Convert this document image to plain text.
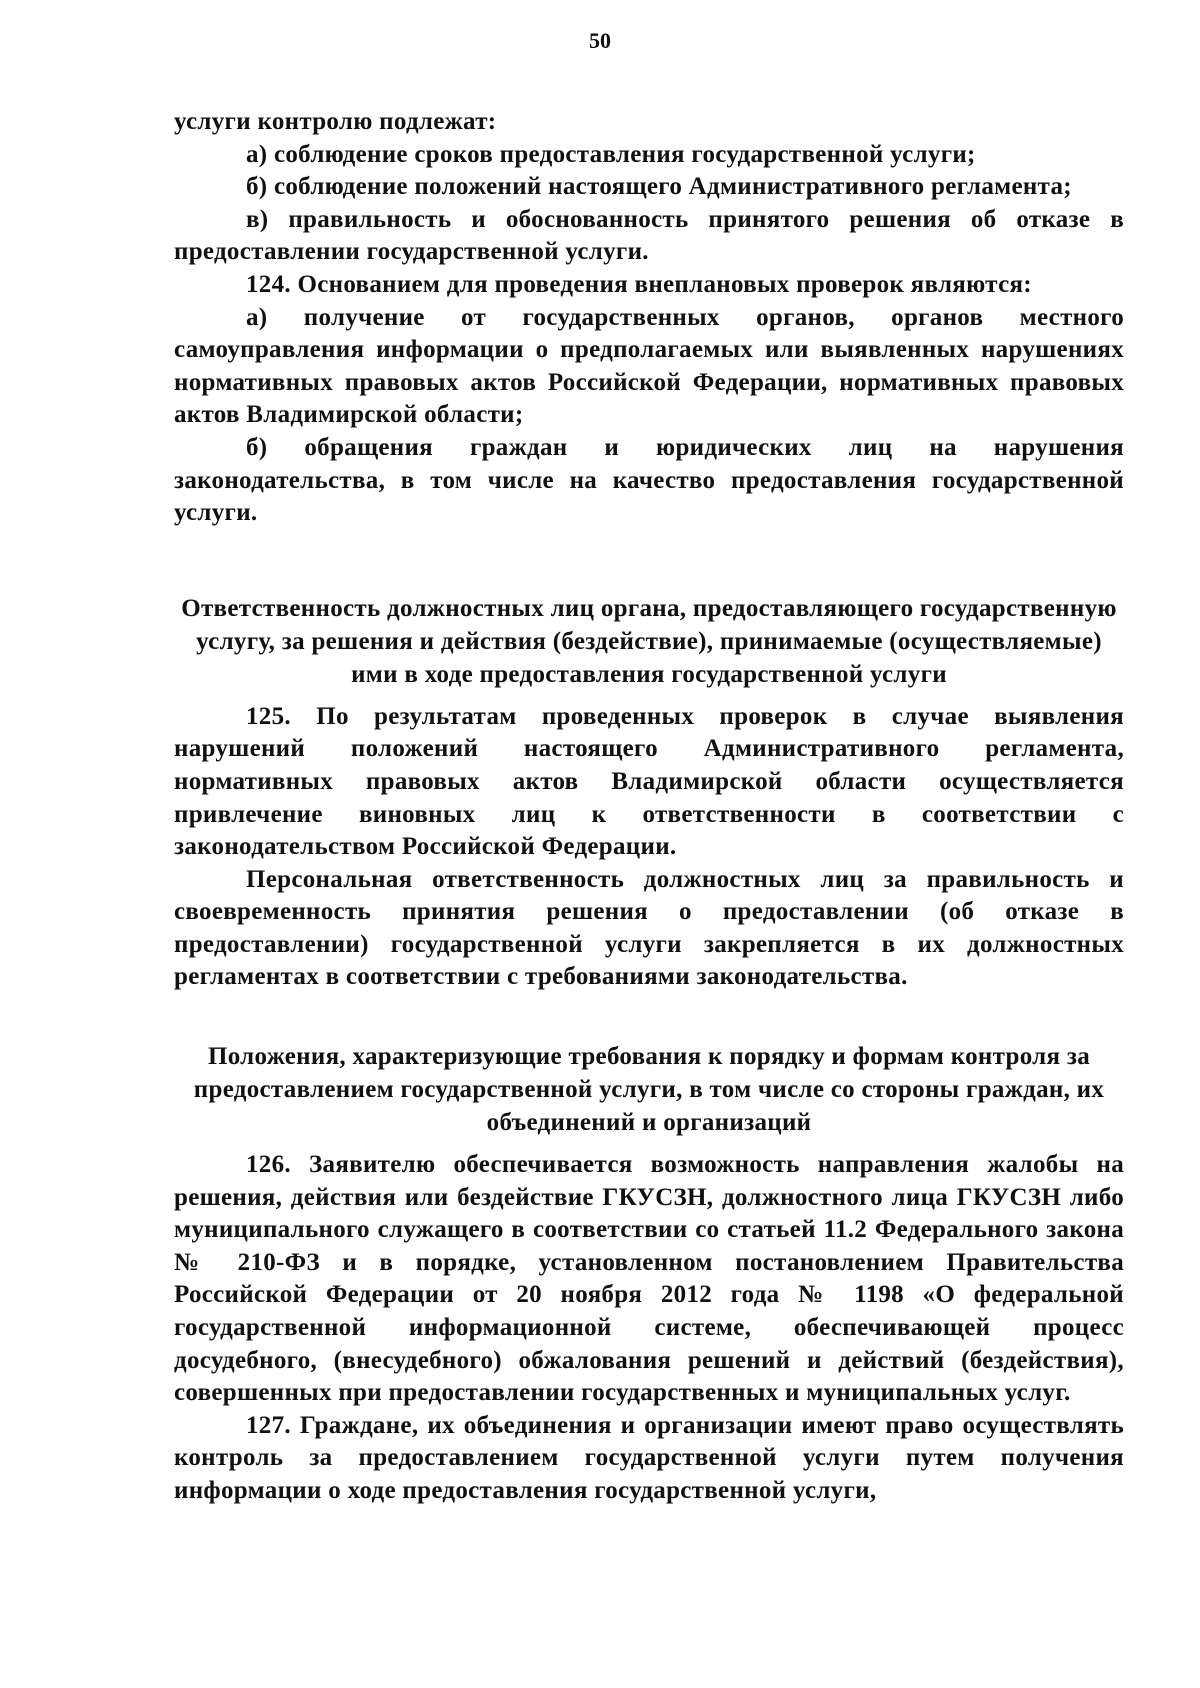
50

услуги контролю подлежат:

а) соблюдение сроков предоставления государственной услуги;

б) соблюдение положений настоящего Административного регламента;

в) правильность и обоснованность принятого решения об отказе в предоставлении государственной услуги.

124. Основанием для проведения внеплановых проверок являются:

а) получение от государственных органов, органов местного самоуправления информации о предполагаемых или выявленных нарушениях нормативных правовых актов Российской Федерации, нормативных правовых актов Владимирской области;

б) обращения граждан и юридических лиц на нарушения законодательства, в том числе на качество предоставления государственной услуги.

Ответственность должностных лиц органа, предоставляющего государственную услугу, за решения и действия (бездействие), принимаемые (осуществляемые) ими в ходе предоставления государственной услуги

125. По результатам проведенных проверок в случае выявления нарушений положений настоящего Административного регламента, нормативных правовых актов Владимирской области осуществляется привлечение виновных лиц к ответственности в соответствии с законодательством Российской Федерации.

Персональная ответственность должностных лиц за правильность и своевременность принятия решения о предоставлении (об отказе в предоставлении) государственной услуги закрепляется в их должностных регламентах в соответствии с требованиями законодательства.

Положения, характеризующие требования к порядку и формам контроля за предоставлением государственной услуги, в том числе со стороны граждан, их объединений и организаций

126. Заявителю обеспечивается возможность направления жалобы на решения, действия или бездействие ГКУСЗН, должностного лица ГКУСЗН либо муниципального служащего в соответствии со статьей 11.2 Федерального закона № 210-ФЗ и в порядке, установленном постановлением Правительства Российской Федерации от 20 ноября 2012 года № 1198 «О федеральной государственной информационной системе, обеспечивающей процесс досудебного, (внесудебного) обжалования решений и действий (бездействия), совершенных при предоставлении государственных и муниципальных услуг.

127. Граждане, их объединения и организации имеют право осуществлять контроль за предоставлением государственной услуги путем получения информации о ходе предоставления государственной услуги,
